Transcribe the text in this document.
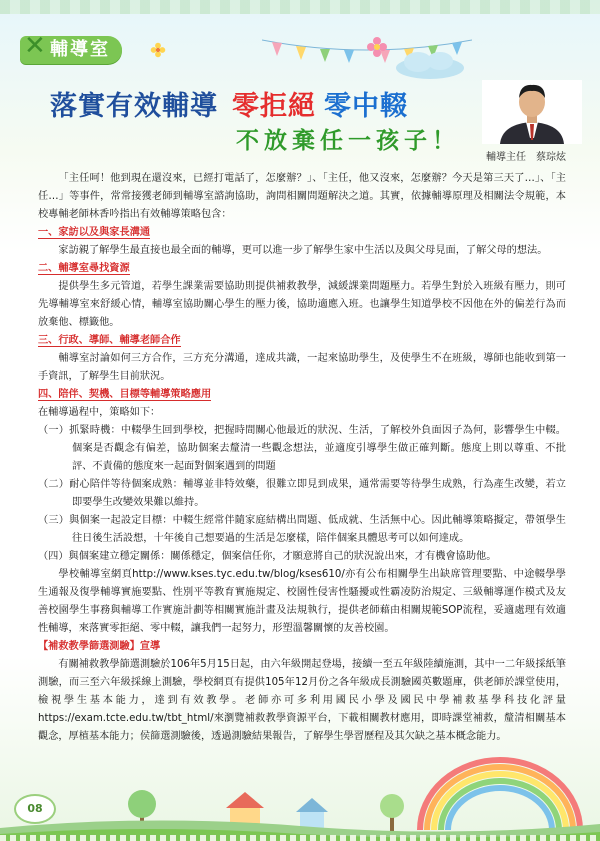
✕ 輔導室
落實有效輔導 零拒絕 零中輟
不放棄任一孩子！
輔導主任　蔡琮炫

「主任呵！他到現在還沒來，已經打電話了，怎麼辦？」、「主任，他又沒來，怎麼辦？今天是第三天了…」、「主任…」等事件，常常接獲老師到輔導室諮詢協助，詢問相關問題解決之道。其實，依據輔導原理及相關法令規範，本校專輔老師林香吟指出有效輔導策略包含：

一、家訪以及與家長溝通

家訪親了解學生最直接也最全面的輔導，更可以進一步了解學生家中生活以及與父母見面，了解父母的想法。

二、輔導室尋找資源

提供學生多元管道，若學生課業需要協助則提供補救教學，減緩課業問題壓力。若學生對於入班級有壓力，則可先導輔導室來舒緩心情，輔導室協助關心學生的壓力後，協助適應入班。也讓學生知道學校不因他在外的偏差行為而放棄他、標籤他。

三、行政、導師、輔導老師合作

輔導室討論如何三方合作，三方充分溝通，達成共識，一起來協助學生，及使學生不在班級，導師也能收到第一手資訊，了解學生目前狀況。

四、陪伴、契機、目標等輔導策略應用

在輔導過程中，策略如下：

（一）抓緊時機：中輟學生回到學校，把握時間關心他最近的狀況、生活，了解校外負面因子為何，影響學生中輟。個案是否觀念有偏差，協助個案去釐清一些觀念想法，並適度引導學生做正確判斷。態度上則以尊重、不批評、不責備的態度來一起面對個案遇到的問題

（二）耐心陪伴等待個案成熟：輔導並非特效藥，很難立即見到成果，通常需要等待學生成熟，行為產生改變，若立即要學生改變效果難以維持。

（三）與個案一起設定目標：中輟生經常伴隨家庭結構出問題、低成就、生活無中心。因此輔導策略擬定，帶領學生往日後生活設想，十年後自己想要過的生活是怎麼樣，陪伴個案具體思考可以如何達成。

（四）與個案建立穩定關係：關係穩定，個案信任你，才願意將自己的狀況說出來，才有機會協助他。

學校輔導室網頁http://www.kses.tyc.edu.tw/blog/kses610/亦有公布相關學生出缺席管理要點、中途輟學學生通報及復學輔導實施要點、性別平等教育實施規定、校園性侵害性騷擾或性霸凌防治規定、三級輔導運作模式及友善校園學生事務與輔導工作實施計劃等相關實施計畫及法規執行，提供老師藉由相關規範SOP流程，妥適處理有效適性輔導，來落實零拒絕、零中輟，讓我們一起努力，形塑溫馨關懷的友善校園。

【補救教學篩選測驗】宣導

有關補救教學篩選測驗於106年5月15日起，由六年級開起登場，接續一至五年級陸續施測，其中一二年級採紙筆測驗，而三至六年級採線上測驗，學校網頁有提供105年12月份之各年級成長測驗國英數題庫，供老師於課堂使用，檢視學生基本能力，達到有效教學。老師亦可多利用國民小學及國民中學補救基學科技化評量https://exam.tcte.edu.tw/tbt_html/來瀏覽補救教學資源平台，下載相關教材應用，即時課堂補救，釐清相關基本觀念，厚植基本能力；侯篩選測驗後，透過測驗結果報告，了解學生學習歷程及其欠缺之基本概念能力。

08
